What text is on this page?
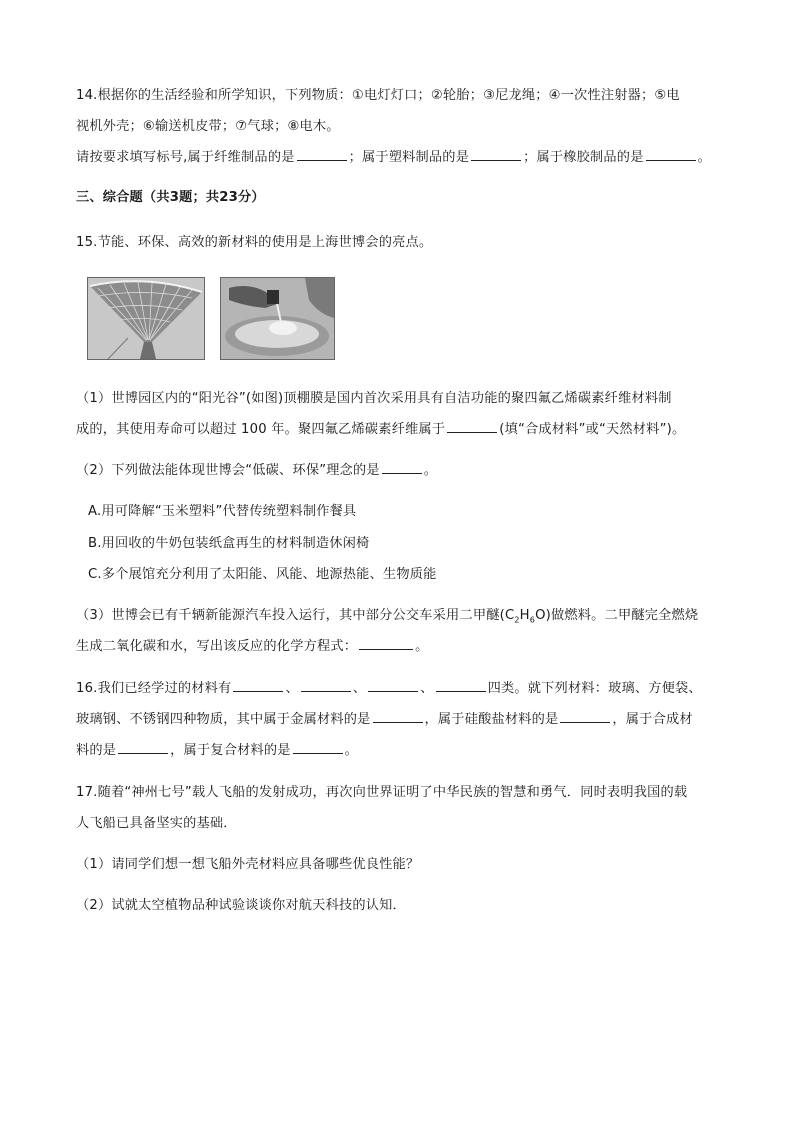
14.根据你的生活经验和所学知识，下列物质：①电灯灯口；②轮胎；③尼龙绳；④一次性注射器；⑤电
视机外壳；⑥输送机皮带；⑦气球；⑧电木。
请按要求填写标号,属于纤维制品的是	；属于塑料制品的是	；属于橡胶制品的是	。
三、综合题（共3题；共23分）
15.节能、环保、高效的新材料的使用是上海世博会的亮点。
（1）世博园区内的“阳光谷”(如图)顶棚膜是国内首次采用具有自洁功能的聚四氟乙烯碳素纤维材料制
成的，其使用寿命可以超过 100 年。聚四氟乙烯碳素纤维属于	(填“合成材料”或“天然材料”)。
（2）下列做法能体现世博会“低碳、环保”理念的是	。
A.用可降解“玉米塑料”代替传统塑料制作餐具
B.用回收的牛奶包装纸盒再生的材料制造休闲椅
C.多个展馆充分利用了太阳能、风能、地源热能、生物质能
（3）世博会已有千辆新能源汽车投入运行，其中部分公交车采用二甲醚$(C_2H_6O)$做燃料。二甲醚完全燃烧
生成二氧化碳和水，写出该反应的化学方程式：	。
16.我们已经学过的材料有	、	、	、	四类。就下列材料：玻璃、方便袋、
玻璃钢、不锈钢四种物质，其中属于金属材料的是	，属于硅酸盐材料的是	，属于合成材
料的是	，属于复合材料的是	。
17.随着“神州七号”载人飞船的发射成功，再次向世界证明了中华民族的智慧和勇气．同时表明我国的载
人飞船已具备坚实的基础．
（1）请同学们想一想飞船外壳材料应具备哪些优良性能？
（2）试就太空植物品种试验谈谈你对航天科技的认知．
